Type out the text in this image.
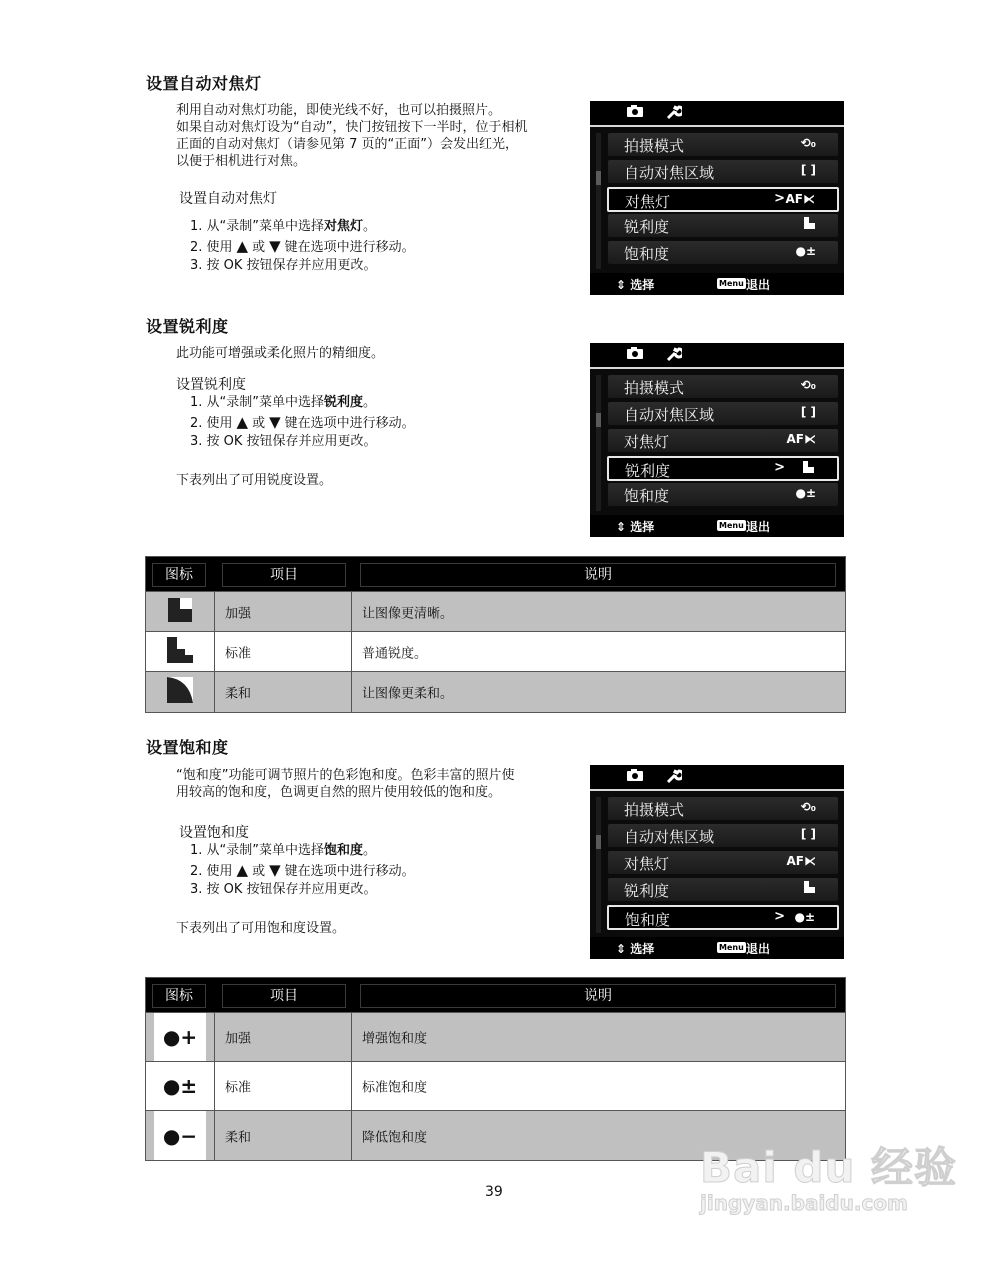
设置自动对焦灯
利用自动对焦灯功能，即使光线不好，也可以拍摄照片。
如果自动对焦灯设为“自动”，快门按钮按下一半时，位于相机
正面的自动对焦灯（请参见第 7 页的“正面”）会发出红光，
以便于相机进行对焦。
设置自动对焦灯
1. 从“录制”菜单中选择对焦灯。
2. 使用 ▲ 或 ▼ 键在选项中进行移动。
3. 按 OK 按钮保存并应用更改。
拍摄模式	⟲₀
自动对焦区域	[ ]
对焦灯	> AF⧔
锐利度
饱和度	●±
⇕ 选择	Menu 退出
设置锐利度
此功能可增强或柔化照片的精细度。
设置锐利度
1. 从“录制”菜单中选择锐利度。
2. 使用 ▲ 或 ▼ 键在选项中进行移动。
3. 按 OK 按钮保存并应用更改。
下表列出了可用锐度设置。
拍摄模式	⟲₀
自动对焦区域	[ ]
对焦灯	AF⧔
锐利度	>
饱和度	●±
⇕ 选择	Menu 退出
图标	项目	说明
加强	让图像更清晰。
标准	普通锐度。
柔和	让图像更柔和。
设置饱和度
“饱和度”功能可调节照片的色彩饱和度。色彩丰富的照片使
用较高的饱和度，色调更自然的照片使用较低的饱和度。
设置饱和度
1. 从“录制”菜单中选择饱和度。
2. 使用 ▲ 或 ▼ 键在选项中进行移动。
3. 按 OK 按钮保存并应用更改。
下表列出了可用饱和度设置。
拍摄模式	⟲₀
自动对焦区域	[ ]
对焦灯	AF⧔
锐利度
饱和度	> ●±
⇕ 选择	Menu 退出
图标	项目	说明
●+ 加强	增强饱和度
●± 标准	标准饱和度
●− 柔和	降低饱和度
39	Bai du 经验
jingyan.baidu.com
